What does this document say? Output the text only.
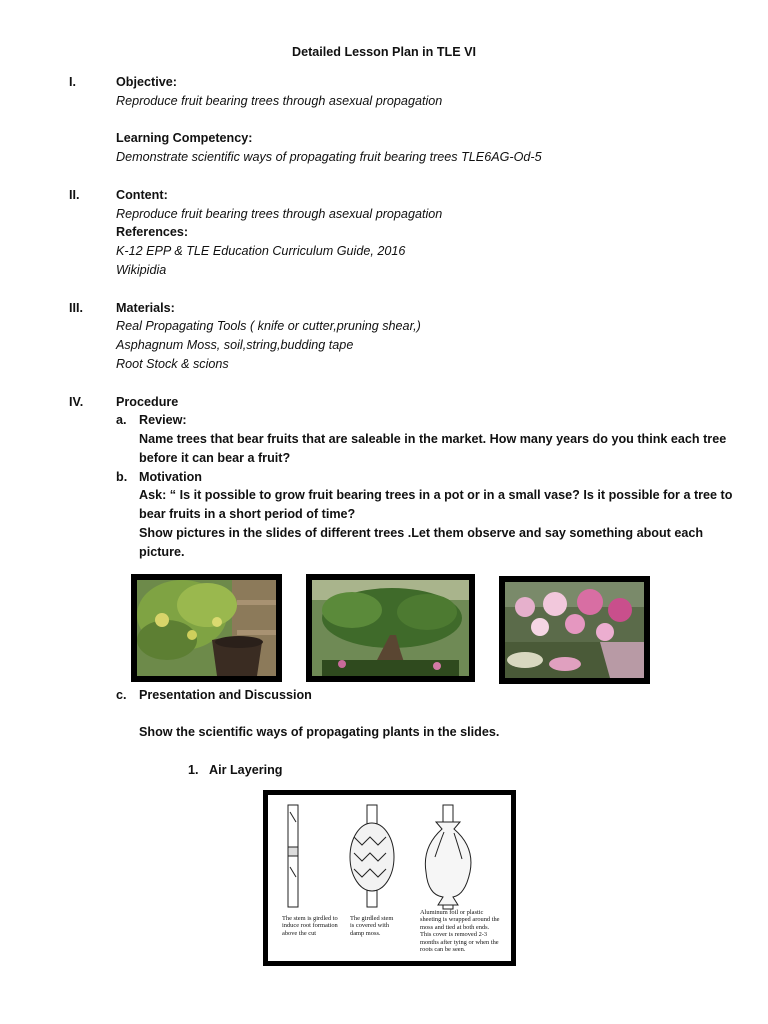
Detailed Lesson Plan in TLE VI
I.	Objective:
Reproduce fruit bearing trees through asexual propagation
Learning Competency:
Demonstrate scientific ways of propagating fruit bearing trees TLE6AG-Od-5
II.	Content:
Reproduce fruit bearing trees through asexual propagation
References:
K-12 EPP & TLE Education Curriculum Guide, 2016
Wikipidia
III.	Materials:
Real Propagating Tools ( knife or cutter,pruning shear,)
Asphagnum Moss, soil,string,budding tape
Root Stock & scions
IV.	Procedure
a. Review:
Name trees that bear fruits that are saleable in the market. How many years do you think each tree
before it can bear a fruit?
b. Motivation
Ask: “ Is it possible to grow fruit bearing trees in a pot or in a small vase? Is it possible for a tree to
bear fruits in a short period of time?
Show pictures in the slides of different trees .Let them observe and say something about each
picture.
c. Presentation and Discussion
Show the scientific ways of propagating plants in the slides.
1. Air Layering
The stem is girdled to induce root formation above the cut
The girdled stem is covered with damp moss.
Aluminum foil or plastic sheeting is wrapped around the moss and tied at both ends. This cover is removed 2-3 months after tying or when the roots can be seen.
